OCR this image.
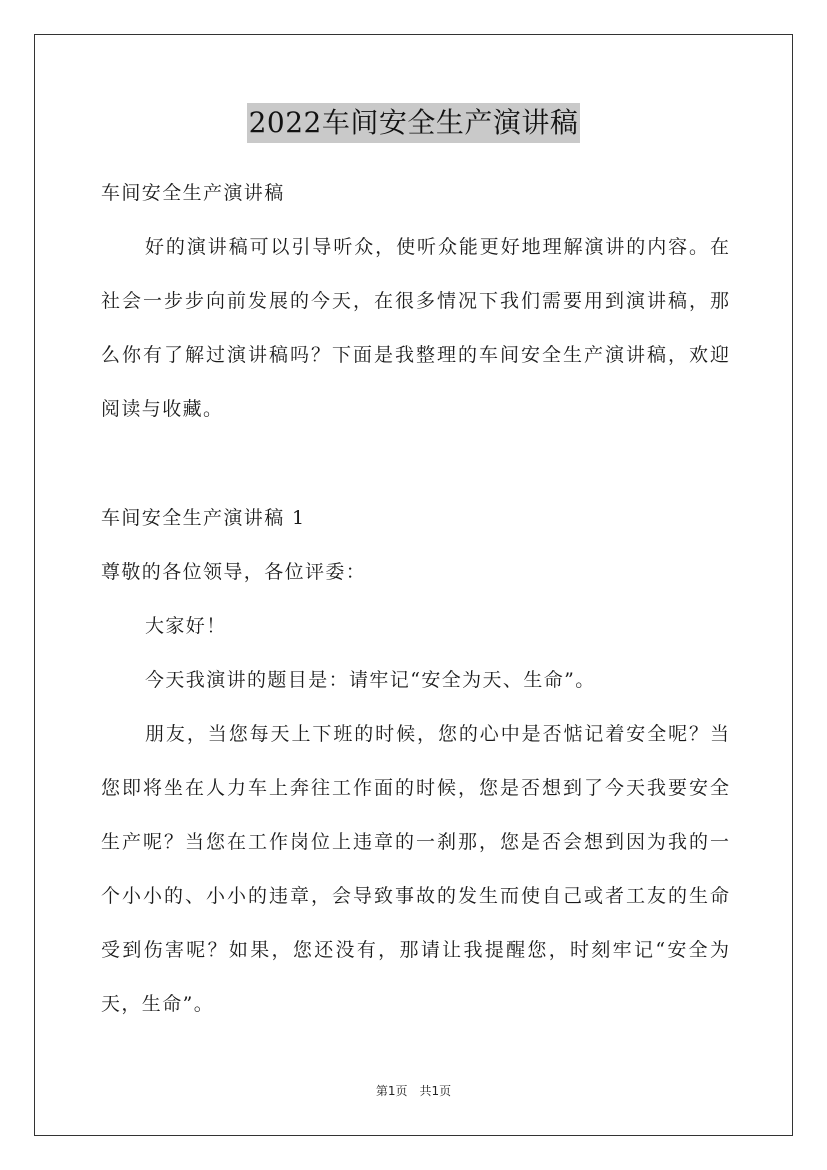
2022车间安全生产演讲稿
车间安全生产演讲稿
好的演讲稿可以引导听众，使听众能更好地理解演讲的内容。在
社会一步步向前发展的今天，在很多情况下我们需要用到演讲稿，那
么你有了解过演讲稿吗？下面是我整理的车间安全生产演讲稿，欢迎
阅读与收藏。
车间安全生产演讲稿 1
尊敬的各位领导，各位评委：
大家好！
今天我演讲的题目是：请牢记“安全为天、生命”。
朋友，当您每天上下班的时候，您的心中是否惦记着安全呢？当
您即将坐在人力车上奔往工作面的时候，您是否想到了今天我要安全
生产呢？当您在工作岗位上违章的一刹那，您是否会想到因为我的一
个小小的、小小的违章，会导致事故的发生而使自己或者工友的生命
受到伤害呢？如果，您还没有，那请让我提醒您，时刻牢记“安全为
天，生命”。
第1页　共1页
